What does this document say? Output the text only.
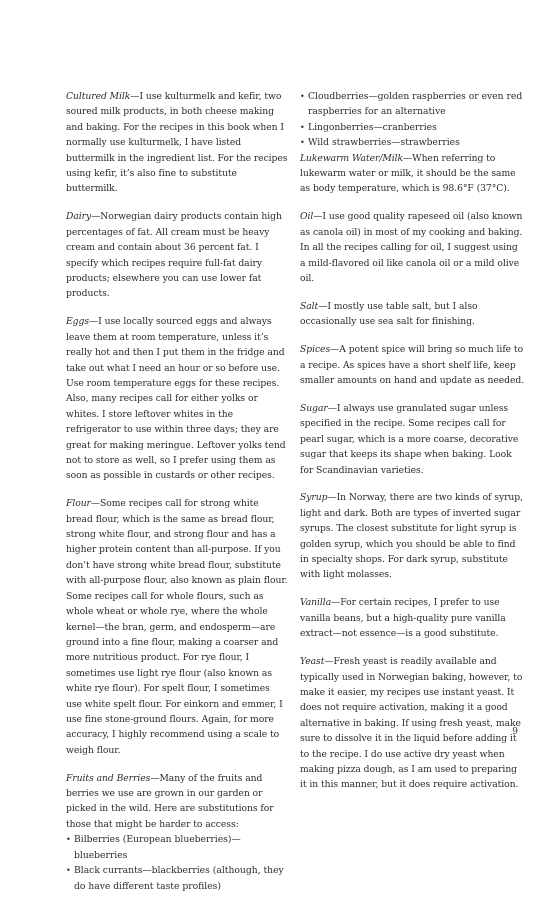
Cultured Milk—I use kulturmelk and kefir, two soured milk products, in both cheese making and baking. For the recipes in this book when I normally use kulturmelk, I have listed buttermilk in the ingredient list. For the recipes using kefir, it’s also fine to substitute buttermilk.

Dairy—Norwegian dairy products contain high percentages of fat. All cream must be heavy cream and contain about 36 percent fat. I specify which recipes require full-fat dairy products; elsewhere you can use lower fat products.

Eggs—I use locally sourced eggs and always leave them at room temperature, unless it’s really hot and then I put them in the fridge and take out what I need an hour or so before use. Use room temperature eggs for these recipes. Also, many recipes call for either yolks or whites. I store leftover whites in the refrigerator to use within three days; they are great for making meringue. Leftover yolks tend not to store as well, so I prefer using them as soon as possible in custards or other recipes.

Flour—Some recipes call for strong white bread flour, which is the same as bread flour, strong white flour, and strong flour and has a higher protein content than all-purpose. If you don’t have strong white bread flour, substitute with all-purpose flour, also known as plain flour. Some recipes call for whole flours, such as whole wheat or whole rye, where the whole kernel—the bran, germ, and endosperm—are ground into a fine flour, making a coarser and more nutritious product. For rye flour, I sometimes use light rye flour (also known as white rye flour). For spelt flour, I sometimes use white spelt flour. For einkorn and emmer, I use fine stone-ground flours. Again, for more accuracy, I highly recommend using a scale to weigh flour.

Fruits and Berries—Many of the fruits and berries we use are grown in our garden or picked in the wild. Here are substitutions for those that might be harder to access:

• Bilberries (European blueberries)—blueberries
• Black currants—blackberries (although, they do have different taste profiles)
• Cloudberries—golden raspberries or even red raspberries for an alternative
• Lingonberries—cranberries
• Wild strawberries—strawberries

Lukewarm Water/Milk—When referring to lukewarm water or milk, it should be the same as body temperature, which is 98.6°F (37°C).

Oil—I use good quality rapeseed oil (also known as canola oil) in most of my cooking and baking. In all the recipes calling for oil, I suggest using a mild-flavored oil like canola oil or a mild olive oil.

Salt—I mostly use table salt, but I also occasionally use sea salt for finishing.

Spices—A potent spice will bring so much life to a recipe. As spices have a short shelf life, keep smaller amounts on hand and update as needed.

Sugar—I always use granulated sugar unless specified in the recipe. Some recipes call for pearl sugar, which is a more coarse, decorative sugar that keeps its shape when baking. Look for Scandinavian varieties.

Syrup—In Norway, there are two kinds of syrup, light and dark. Both are types of inverted sugar syrups. The closest substitute for light syrup is golden syrup, which you should be able to find in specialty shops. For dark syrup, substitute with light molasses.

Vanilla—For certain recipes, I prefer to use vanilla beans, but a high-quality pure vanilla extract—not essence—is a good substitute.

Yeast—Fresh yeast is readily available and typically used in Norwegian baking, however, to make it easier, my recipes use instant yeast. It does not require activation, making it a good alternative in baking. If using fresh yeast, make sure to dissolve it in the liquid before adding it to the recipe. I do use active dry yeast when making pizza dough, as I am used to preparing it in this manner, but it does require activation.

9
